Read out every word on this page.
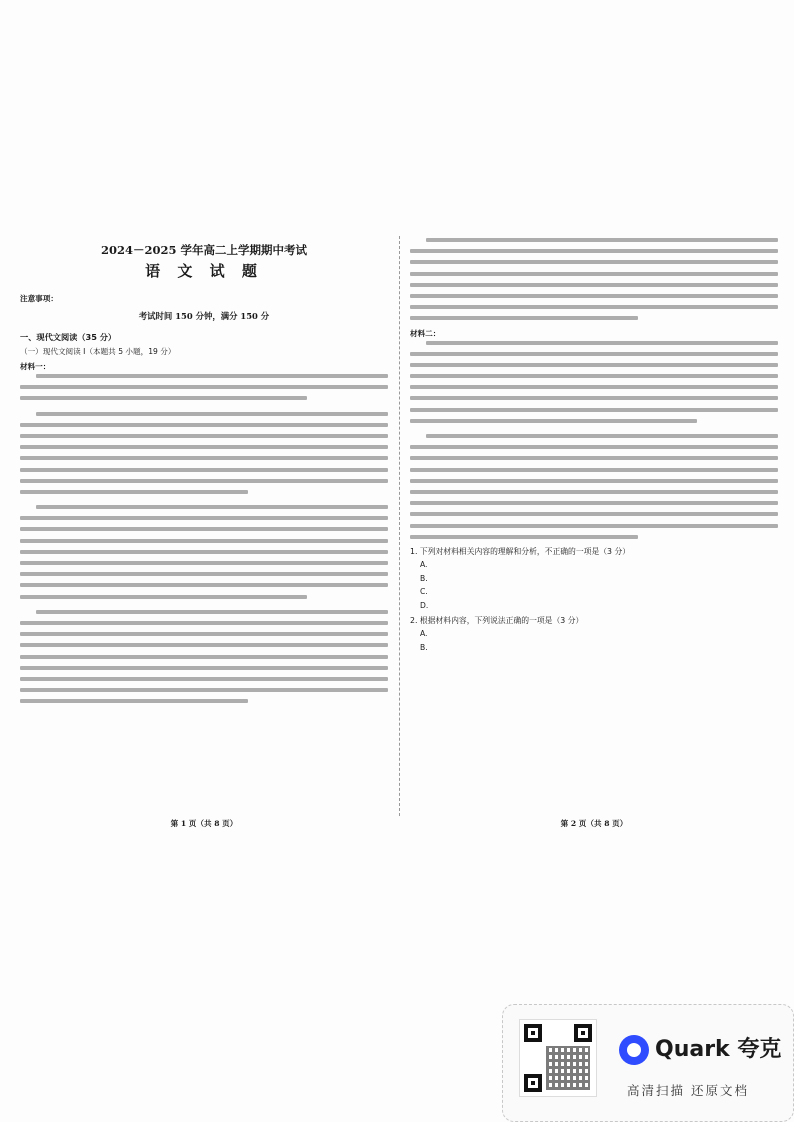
2024－2025 学年高二上学期期中考试
语 文 试 题
注意事项：
考试时间 150 分钟，满分 150 分
一、现代文阅读（35 分）
（一）现代文阅读 I（本题共 5 小题，19 分）
材料一：
材料二：
1. 下列对材料相关内容的理解和分析，不正确的一项是（3 分）
A.
B.
C.
D.
2. 根据材料内容，下列说法正确的一项是（3 分）
A.
B.
第 1 页（共 8 页）	第 2 页（共 8 页）
Quark 夸克
高清扫描 还原文档
